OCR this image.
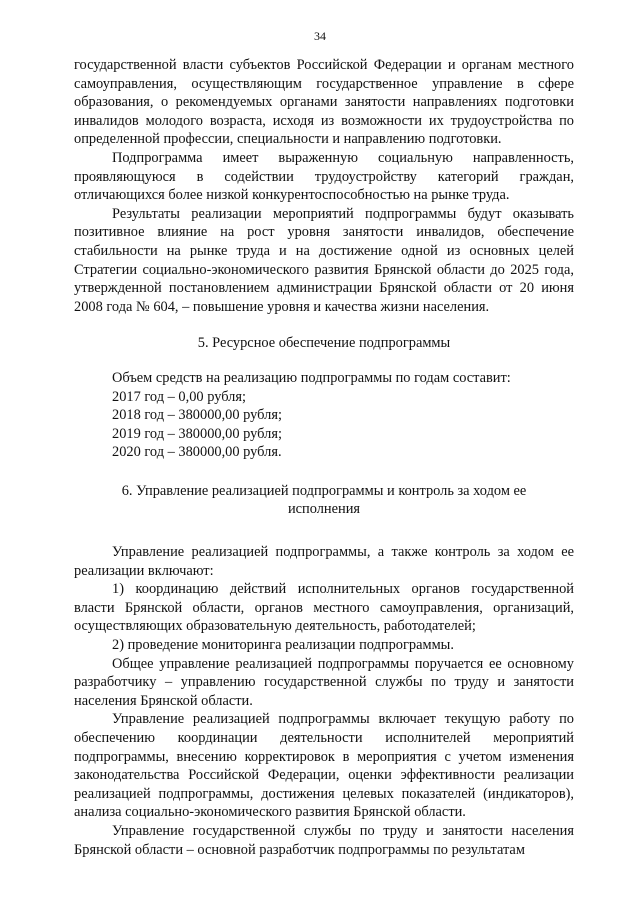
34

государственной власти субъектов Российской Федерации и органам местного самоуправления, осуществляющим государственное управление в сфере образования, о рекомендуемых органами занятости направлениях подготовки инвалидов молодого возраста, исходя из возможности их трудоустройства по определенной профессии, специальности и направлению подготовки.

Подпрограмма имеет выраженную социальную направленность, проявляющуюся в содействии трудоустройству категорий граждан, отличающихся более низкой конкурентоспособностью на рынке труда.

Результаты реализации мероприятий подпрограммы будут оказывать позитивное влияние на рост уровня занятости инвалидов, обеспечение стабильности на рынке труда и на достижение одной из основных целей Стратегии социально-экономического развития Брянской области до 2025 года, утвержденной постановлением администрации Брянской области от 20 июня 2008 года № 604, – повышение уровня и качества жизни населения.

5. Ресурсное обеспечение подпрограммы

Объем средств на реализацию подпрограммы по годам составит:
2017 год – 0,00 рубля;
2018 год – 380000,00 рубля;
2019 год – 380000,00 рубля;
2020 год – 380000,00 рубля.

6. Управление реализацией подпрограммы и контроль за ходом ее

исполнения

Управление реализацией подпрограммы, а также контроль за ходом ее реализации включают:

1) координацию действий исполнительных органов государственной власти Брянской области, органов местного самоуправления, организаций, осуществляющих образовательную деятельность, работодателей;

2) проведение мониторинга реализации подпрограммы.

Общее управление реализацией подпрограммы поручается ее основному разработчику – управлению государственной службы по труду и занятости населения Брянской области.

Управление реализацией подпрограммы включает текущую работу по обеспечению координации деятельности исполнителей мероприятий подпрограммы, внесению корректировок в мероприятия с учетом изменения законодательства Российской Федерации, оценки эффективности реализации реализацией подпрограммы, достижения целевых показателей (индикаторов), анализа социально-экономического развития Брянской области.

Управление государственной службы по труду и занятости населения Брянской области – основной разработчик подпрограммы по результатам
